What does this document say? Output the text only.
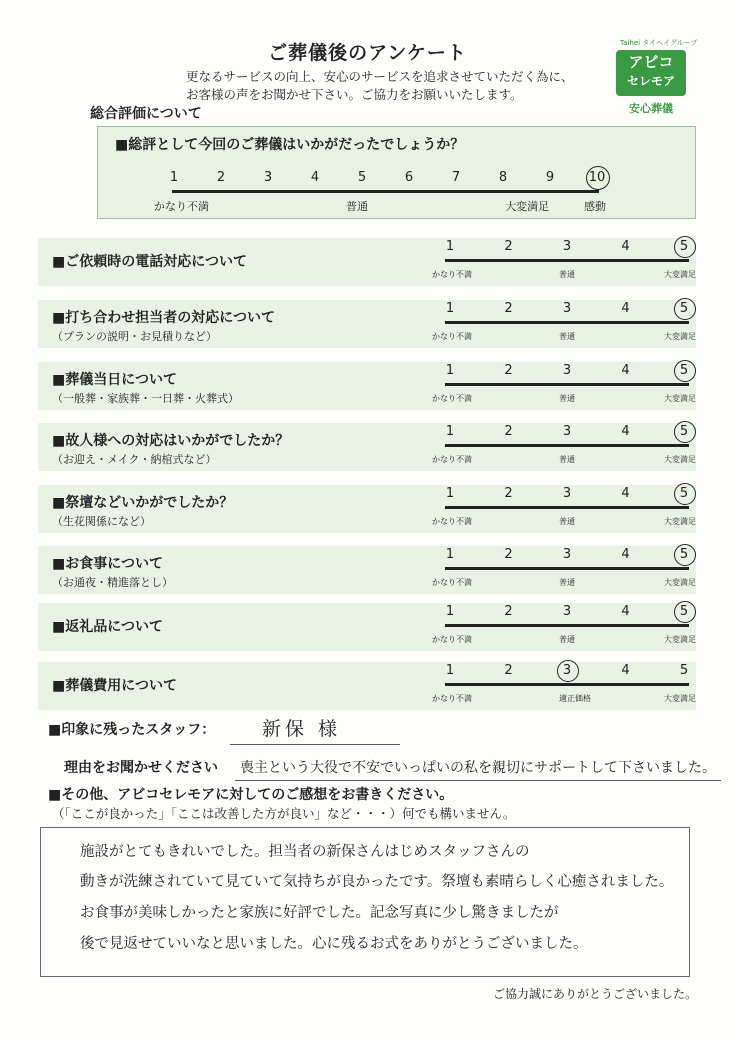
ご葬儀後のアンケート
更なるサービスの向上、安心のサービスを追求させていただく為に、
お客様の声をお聞かせ下さい。ご協力をお願いいたします。
Taihei タイヘイグループ
アビコ
セレモア
安心葬儀
総合評価について
■総評として今回のご葬儀はいかがだったでしょうか？
1	2	3	4	5	6	7	8	9	10
かなり不満	普通	大変満足	感動
■ご依頼時の電話対応について
1	2	3	4	5
かなり不満	普通	大変満足
■打ち合わせ担当者の対応について
（プランの説明・お見積りなど）
1	2	3	4	5
かなり不満	普通	大変満足
■葬儀当日について
（一般葬・家族葬・一日葬・火葬式）
1	2	3	4	5
かなり不満	普通	大変満足
■故人様への対応はいかがでしたか？
（お迎え・メイク・納棺式など）
1	2	3	4	5
かなり不満	普通	大変満足
■祭壇などいかがでしたか？
（生花関係になど）
1	2	3	4	5
かなり不満	普通	大変満足
■お食事について
（お通夜・精進落とし）
1	2	3	4	5
かなり不満	普通	大変満足
■返礼品について
1	2	3	4	5
かなり不満	普通	大変満足
■葬儀費用について
1	2	3	4	5
かなり不満	適正価格	大変満足
■印象に残ったスタッフ： 新保 様
理由をお聞かせください 喪主という大役で不安でいっぱいの私を親切にサポートして下さいました。
■その他、アビコセレモアに対してのご感想をお書きください。
（「ここが良かった」「ここは改善した方が良い」など・・・）何でも構いません。
施設がとてもきれいでした。担当者の新保さんはじめスタッフさんの
動きが洗練されていて見ていて気持ちが良かったです。祭壇も素晴らしく心癒されました。
お食事が美味しかったと家族に好評でした。記念写真に少し驚きましたが
後で見返せていいなと思いました。心に残るお式をありがとうございました。
ご協力誠にありがとうございました。
